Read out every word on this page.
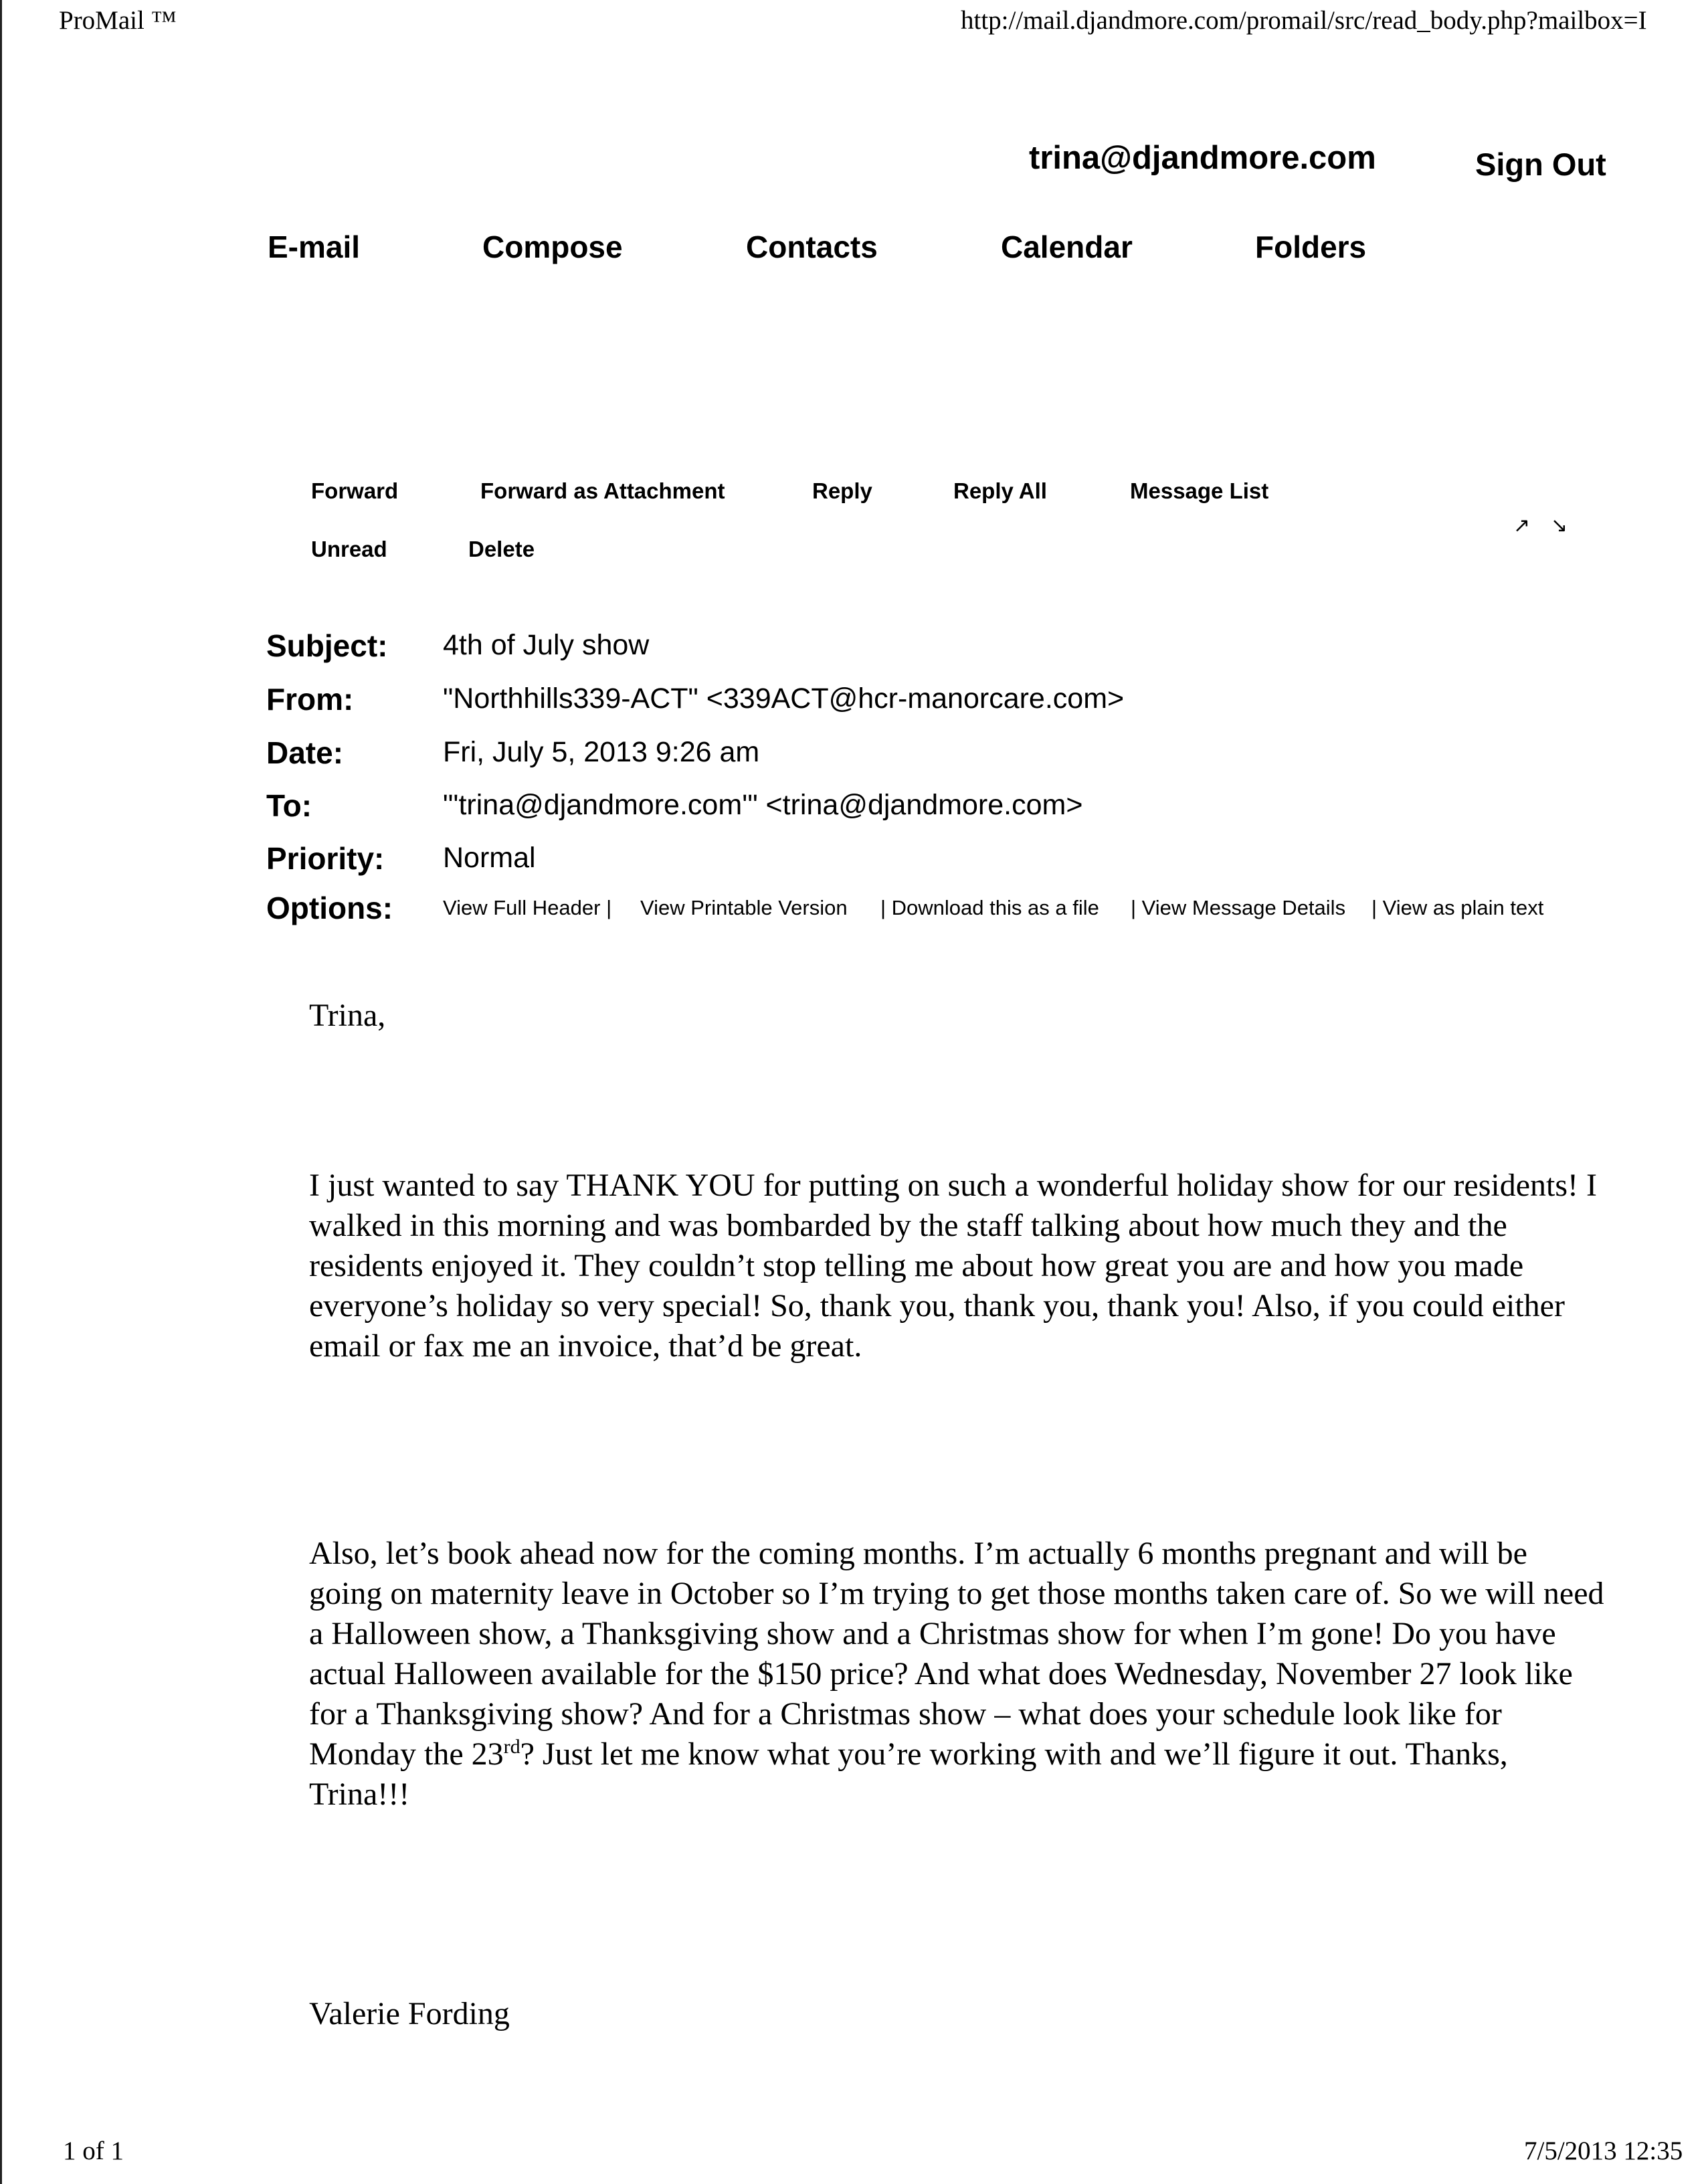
ProMail ™	http://mail.djandmore.com/promail/src/read_body.php?mailbox=I
trina@djandmore.com	Sign Out
E-mail	Compose	Contacts	Calendar	Folders
Forward	Forward as Attachment	Reply	Reply All	Message List
Unread	Delete
↗ ↘
Subject: 4th of July show
From:	"Northhills339-ACT" <339ACT@hcr-manorcare.com>
Date:	Fri, July 5, 2013 9:26 am
To:	"'trina@djandmore.com'" <trina@djandmore.com>
Priority: Normal
Options: View Full Header | View Printable Version | Download this as a file | View Message Details | View as plain text
Trina,
I just wanted to say THANK YOU for putting on such a wonderful holiday show for our residents! I walked in this morning and was bombarded by the staff talking about how much they and the residents enjoyed it. They couldn’t stop telling me about how great you are and how you made everyone’s holiday so very special! So, thank you, thank you, thank you! Also, if you could either email or fax me an invoice, that’d be great.
Also, let’s book ahead now for the coming months. I’m actually 6 months pregnant and will be going on maternity leave in October so I’m trying to get those months taken care of. So we will need a Halloween show, a Thanksgiving show and a Christmas show for when I’m gone! Do you have actual Halloween available for the $150 price? And what does Wednesday, November 27 look like for a Thanksgiving show? And for a Christmas show – what does your schedule look like for Monday the 23rd? Just let me know what you’re working with and we’ll figure it out. Thanks, Trina!!!
Valerie Fording
1 of 1	7/5/2013 12:35
